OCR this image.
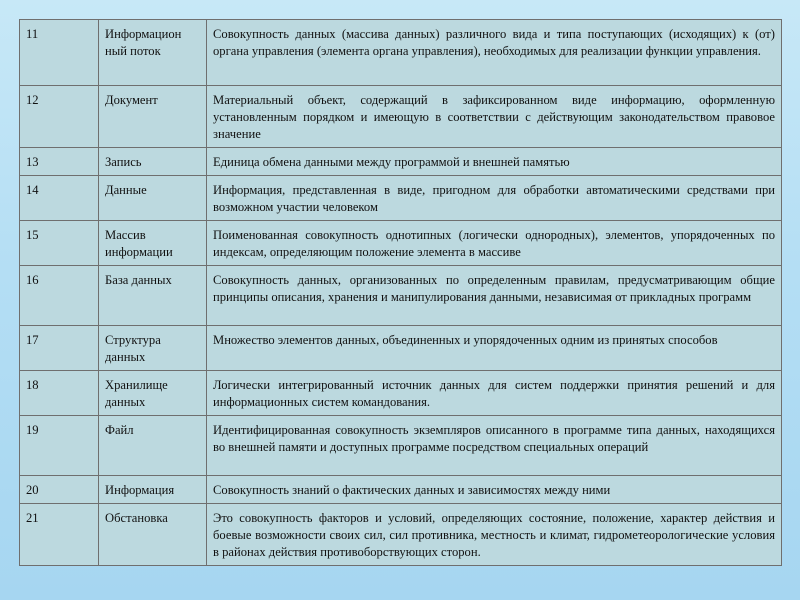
11	Информацион ный поток	Совокупность данных (массива данных) различного вида и типа поступающих (исходящих) к (от) органа управления (элемента органа управления), необходимых для реализации функции управления.
12	Документ	Материальный объект, содержащий в зафиксированном виде информацию, оформленную установленным порядком и имеющую в соответствии с действующим законодательством правовое значение
13	Запись	Единица обмена данными между программой и внешней памятью
14	Данные	Информация, представленная в виде, пригодном для обработки автоматическими средствами при возможном участии человеком
15	Массив информации	Поименованная совокупность однотипных (логически однородных), элементов, упорядоченных по индексам, определяющим положение элемента в массиве
16	База данных	Совокупность данных, организованных по определенным правилам, предусматривающим общие принципы описания, хранения и манипулирования данными, независимая от прикладных программ
17	Структура данных	Множество элементов данных, объединенных и упорядоченных одним из принятых способов
18	Хранилище данных	Логически интегрированный источник данных для систем поддержки принятия решений и для информационных систем командования.
19	Файл	Идентифицированная совокупность экземпляров описанного в программе типа данных, находящихся во внешней памяти и доступных программе посредством специальных операций
20	Информация	Совокупность знаний о фактических данных и зависимостях между ними
21	Обстановка	Это совокупность факторов и условий, определяющих состояние, положение, характер действия и боевые возможности своих сил, сил противника, местность и климат, гидрометеорологические условия в районах действия противоборствующих сторон.
